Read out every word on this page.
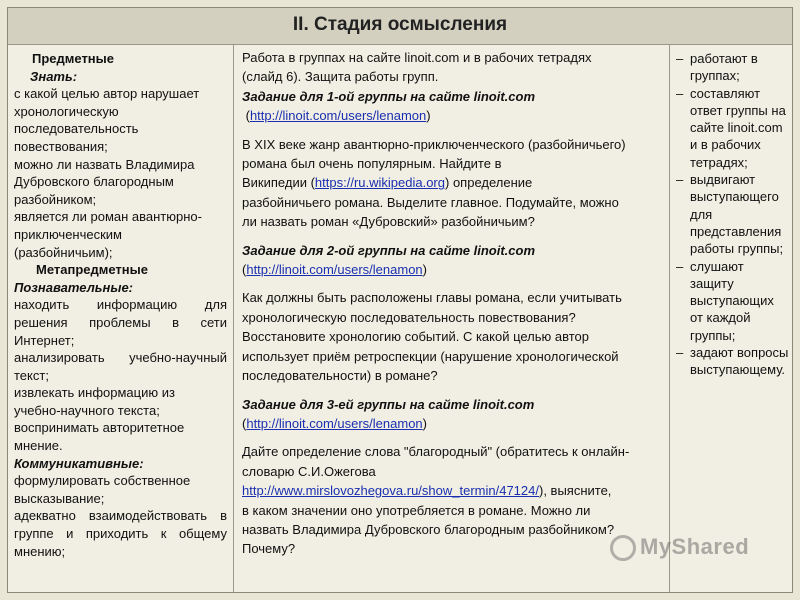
II. Стадия осмысления
Предметные
Знать:
с какой целью автор нарушает
хронологическую
последовательность
повествования;
можно ли назвать Владимира
Дубровского благородным
разбойником;
является ли роман авантюрно-
приключенческим
(разбойничьим);
Метапредметные
Познавательные:
находить информацию для
решения проблемы в сети
Интернет;
анализировать учебно-научный
текст;
извлекать информацию из
учебно-научного текста;
воспринимать авторитетное
мнение.
Коммуникативные:
формулировать собственное
высказывание;
адекватно взаимодействовать в
группе и приходить к общему
мнению;

Работа в группах на сайте linoit.com и в рабочих тетрадях

(слайд 6). Защита работы групп.

Задание для 1-ой группы на сайте linoit.com

(http://linoit.com/users/lenamon)

В XIX веке жанр авантюрно-приключенческого (разбойничьего)

романа был очень популярным. Найдите в

Википедии (https://ru.wikipedia.org) определение

разбойничьего романа. Выделите главное. Подумайте, можно

ли назвать роман «Дубровский» разбойничьим?

Задание для 2-ой группы на сайте linoit.com

(http://linoit.com/users/lenamon)

Как должны быть расположены главы романа, если учитывать

хронологическую последовательность повествования?

Восстановите хронологию событий. С какой целью автор

использует приём ретроспекции (нарушение хронологической

последовательности) в романе?

Задание для 3-ей группы на сайте linoit.com

(http://linoit.com/users/lenamon)

Дайте определение слова "благородный" (обратитесь к онлайн-

словарю С.И.Ожегова

http://www.mirslovozhegova.ru/show_termin/47124/), выясните,

в каком значении оно употребляется в романе. Можно ли

назвать Владимира Дубровского благородным разбойником?

Почему?

– работают в группах;
– составляют ответ группы на сайте linoit.com и в рабочих тетрадях;
– выдвигают выступающего для представления работы группы;
– слушают защиту выступающих от каждой группы;
– задают вопросы выступающему.
MyShared
